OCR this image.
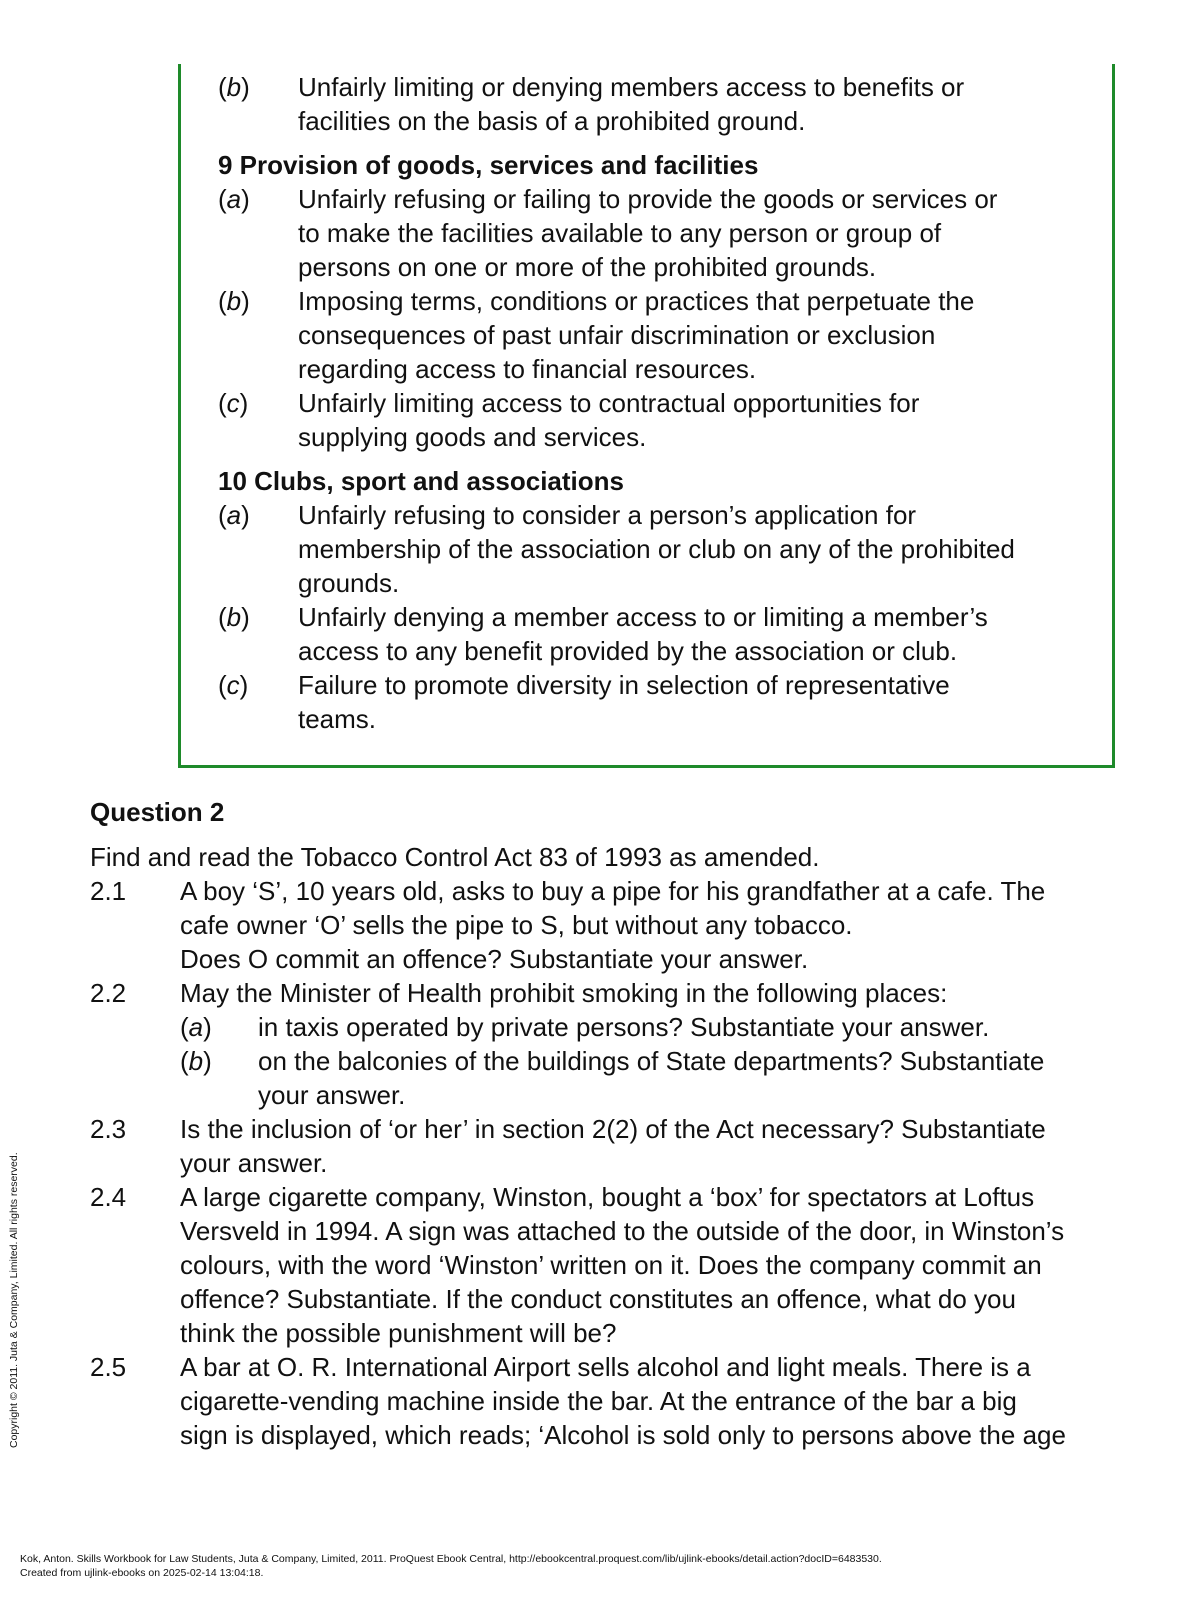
(b) Unfairly limiting or denying members access to benefits or
facilities on the basis of a prohibited ground.
9 Provision of goods, services and facilities
(a) Unfairly refusing or failing to provide the goods or services or
to make the facilities available to any person or group of
persons on one or more of the prohibited grounds.
(b) Imposing terms, conditions or practices that perpetuate the
consequences of past unfair discrimination or exclusion
regarding access to financial resources.
(c) Unfairly limiting access to contractual opportunities for
supplying goods and services.
10 Clubs, sport and associations
(a) Unfairly refusing to consider a person’s application for
membership of the association or club on any of the prohibited
grounds.
(b) Unfairly denying a member access to or limiting a member’s
access to any benefit provided by the association or club.
(c) Failure to promote diversity in selection of representative
teams.
Question 2
Find and read the Tobacco Control Act 83 of 1993 as amended.
2.1 A boy ‘S’, 10 years old, asks to buy a pipe for his grandfather at a cafe. The
cafe owner ‘O’ sells the pipe to S, but without any tobacco.
Does O commit an offence? Substantiate your answer.
2.2 May the Minister of Health prohibit smoking in the following places:
(a) in taxis operated by private persons? Substantiate your answer.
(b) on the balconies of the buildings of State departments? Substantiate
your answer.
2.3 Is the inclusion of ‘or her’ in section 2(2) of the Act necessary? Substantiate
your answer.
2.4 A large cigarette company, Winston, bought a ‘box’ for spectators at Loftus
Versveld in 1994. A sign was attached to the outside of the door, in Winston’s
colours, with the word ‘Winston’ written on it. Does the company commit an
offence? Substantiate. If the conduct constitutes an offence, what do you
think the possible punishment will be?
2.5 A bar at O. R. International Airport sells alcohol and light meals. There is a
cigarette-vending machine inside the bar. At the entrance of the bar a big
sign is displayed, which reads; ‘Alcohol is sold only to persons above the age
Copyright © 2011. Juta & Company, Limited. All rights reserved.
Kok, Anton. Skills Workbook for Law Students, Juta & Company, Limited, 2011. ProQuest Ebook Central, http://ebookcentral.proquest.com/lib/ujlink-ebooks/detail.action?docID=6483530.
Created from ujlink-ebooks on 2025-02-14 13:04:18.
